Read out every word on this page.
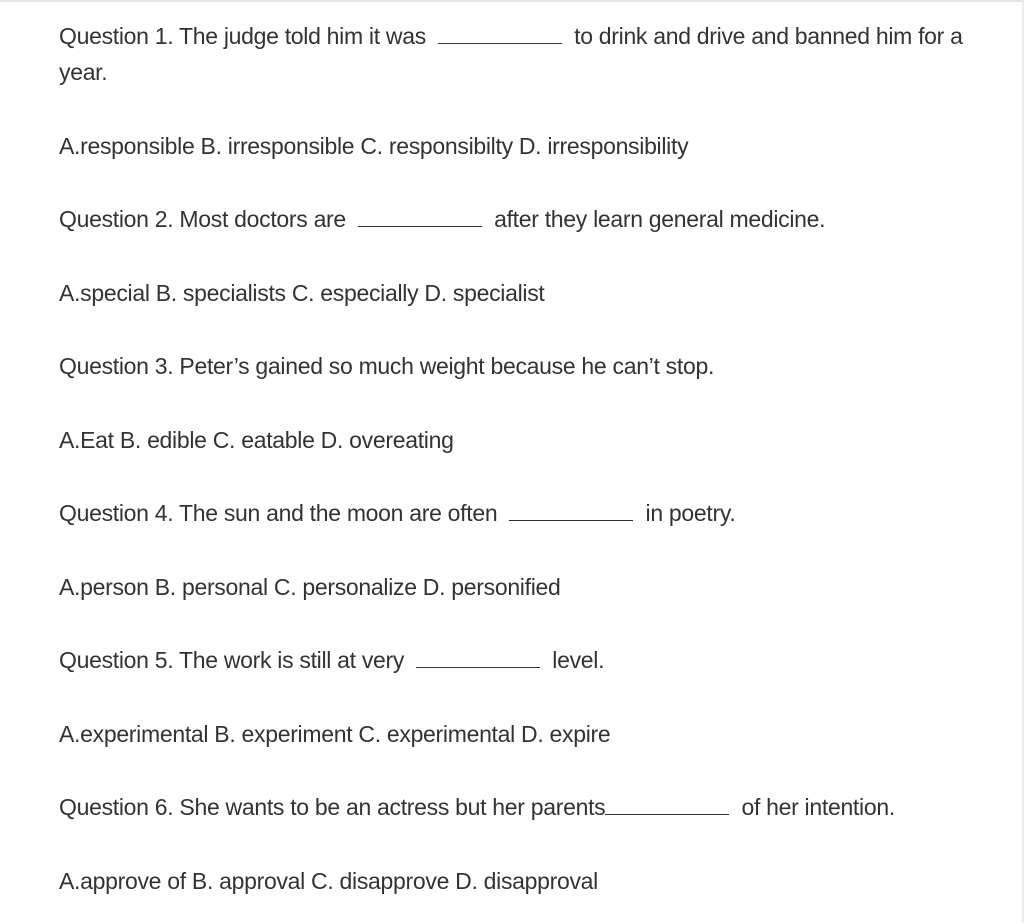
Question 1. The judge told him it was	to drink and drive and banned him for a year.

A.responsible B. irresponsible C. responsibilty D. irresponsibility

Question 2. Most doctors are	after they learn general medicine.

A.special B. specialists C. especially D. specialist

Question 3. Peter’s gained so much weight because he can’t stop.

A.Eat B. edible C. eatable D. overeating

Question 4. The sun and the moon are often	in poetry.

A.person B. personal C. personalize D. personified

Question 5. The work is still at very	level.

A.experimental B. experiment C. experimental D. expire

Question 6. She wants to be an actress but her parents	of her intention.

A.approve of B. approval C. disapprove D. disapproval
